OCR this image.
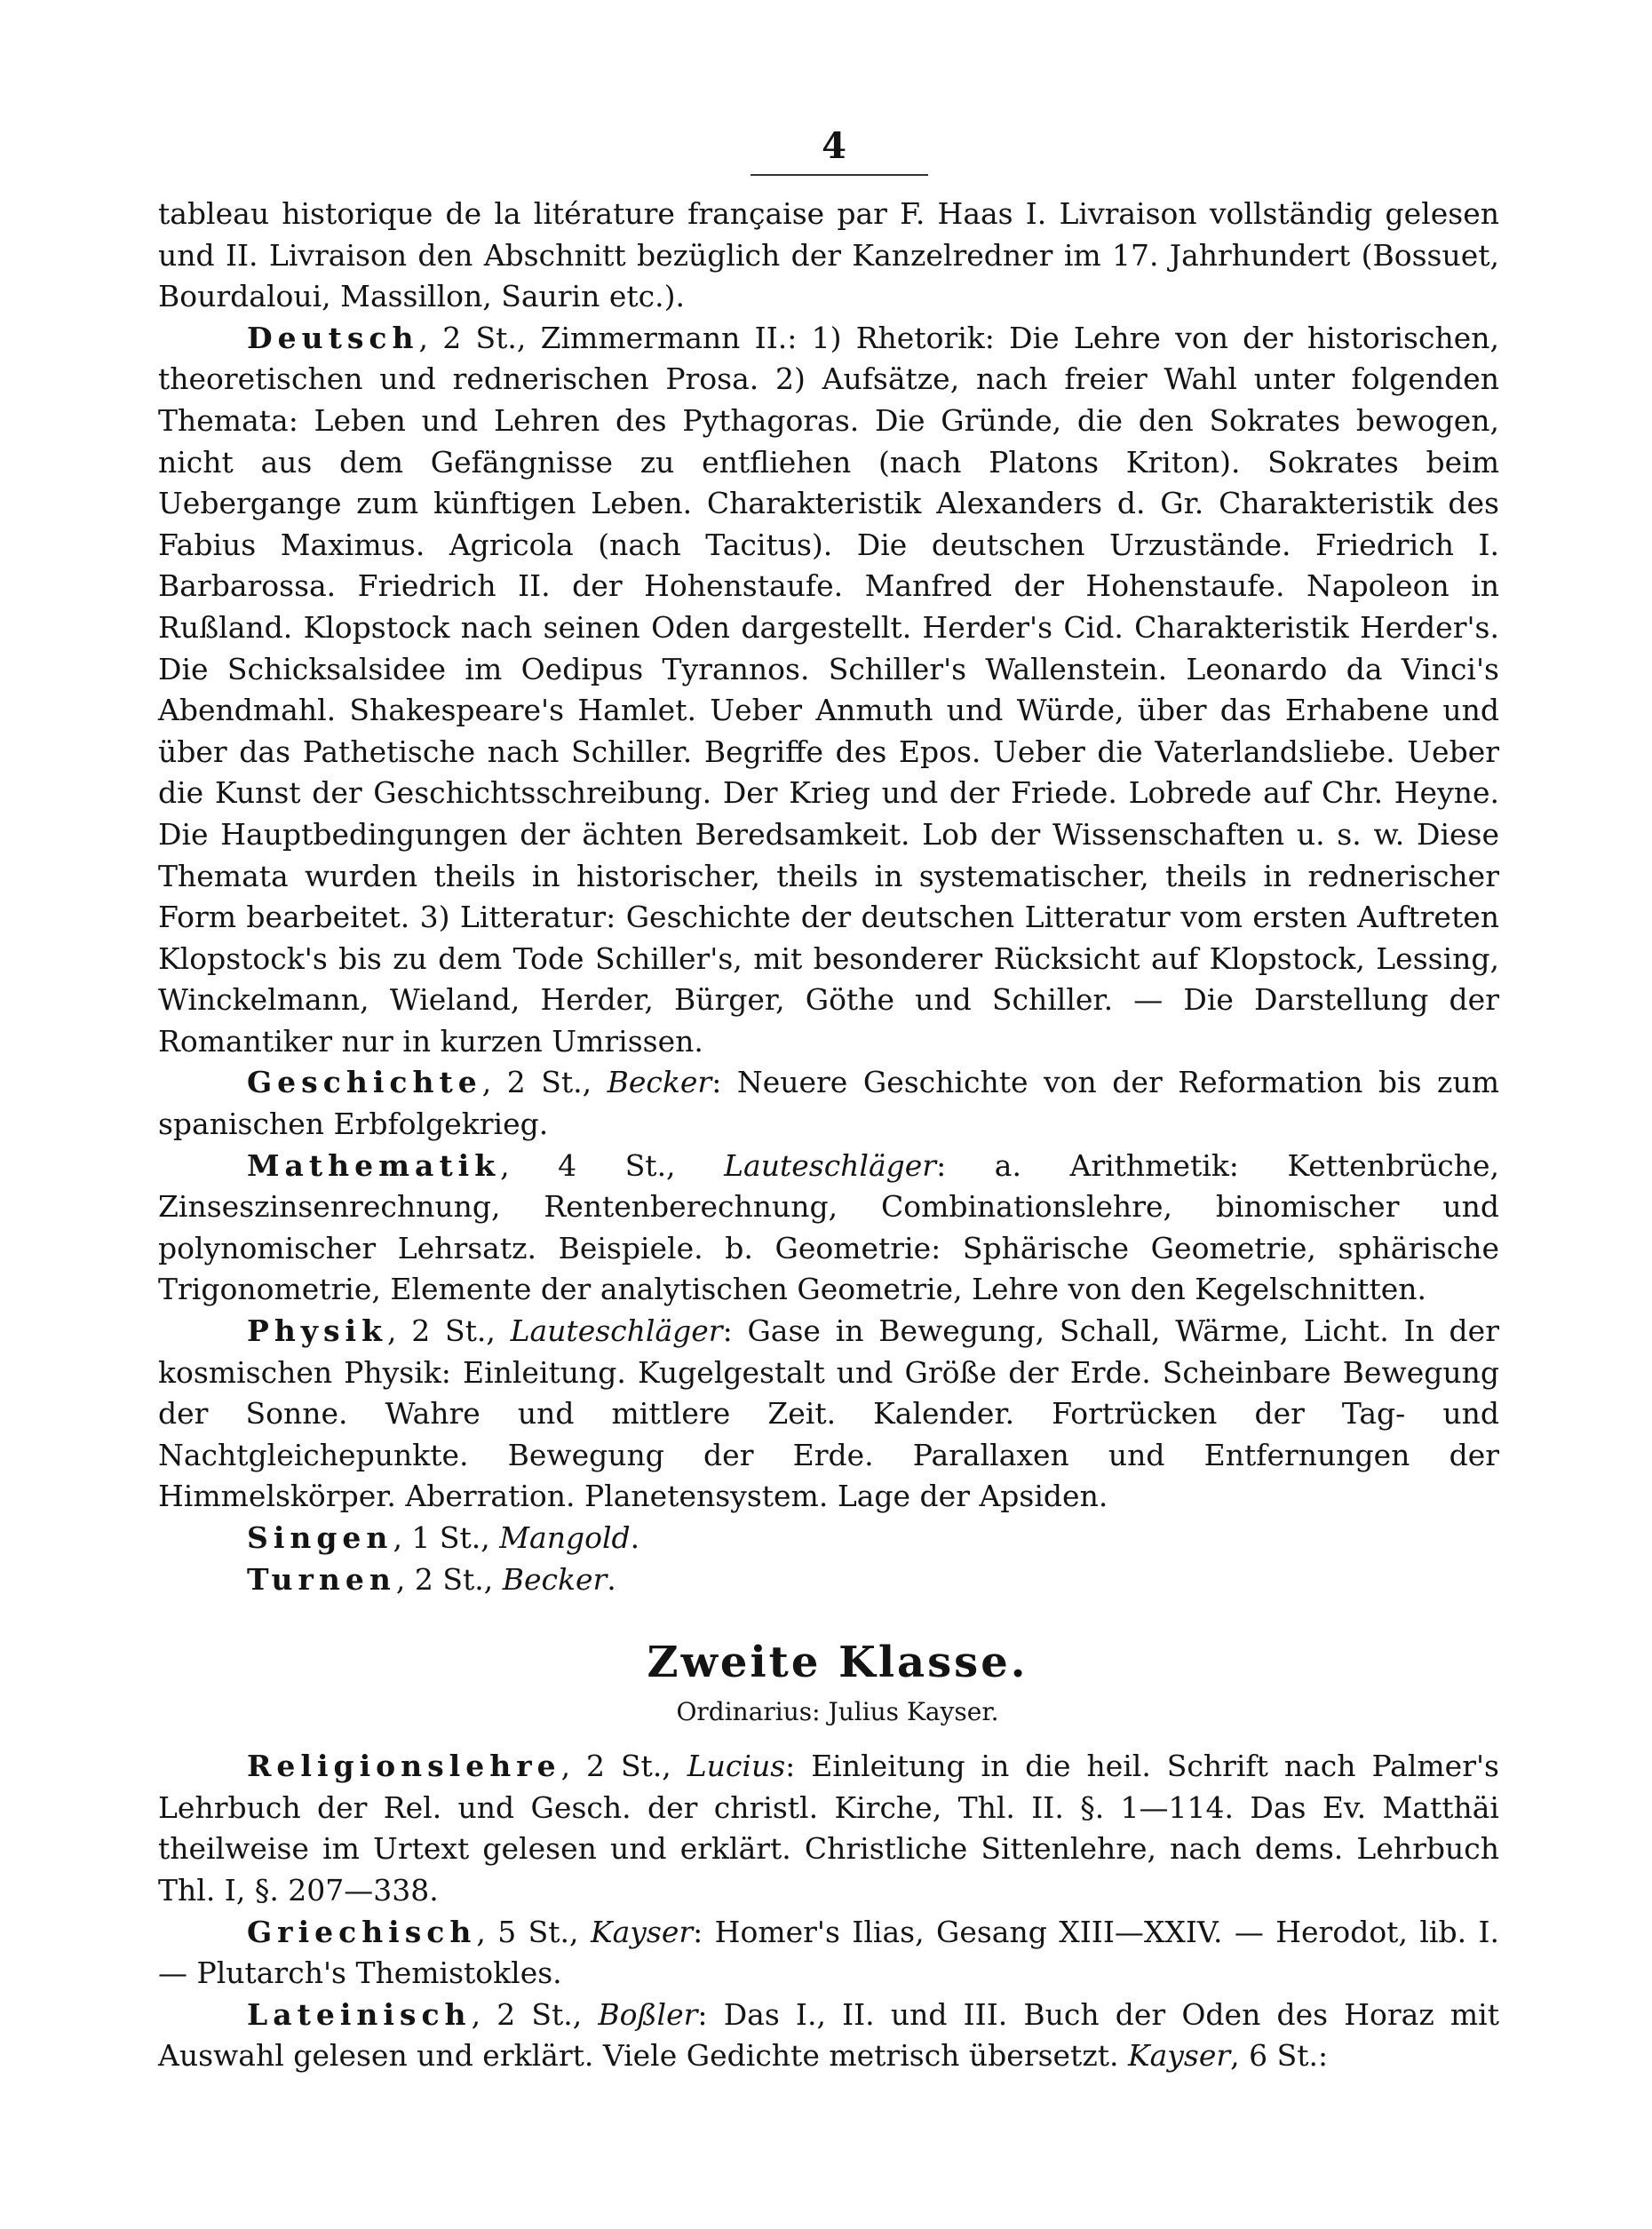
4

tableau historique de la litérature française par F. Haas I. Livraison vollständig gelesen und II. Livraison den Abschnitt bezüglich der Kanzelredner im 17. Jahrhundert (Bossuet, Bourdaloui, Massillon, Saurin etc.).

Deutsch, 2 St., Zimmermann II.: 1) Rhetorik: Die Lehre von der historischen, theoretischen und rednerischen Prosa. 2) Aufsätze, nach freier Wahl unter folgenden Themata: Leben und Lehren des Pythagoras. Die Gründe, die den Sokrates bewogen, nicht aus dem Gefängnisse zu entfliehen (nach Platons Kriton). Sokrates beim Uebergange zum künftigen Leben. Charakteristik Alexanders d. Gr. Charakteristik des Fabius Maximus. Agricola (nach Tacitus). Die deutschen Urzustände. Friedrich I. Barbarossa. Friedrich II. der Hohenstaufe. Manfred der Hohenstaufe. Napoleon in Rußland. Klopstock nach seinen Oden dargestellt. Herder's Cid. Charakteristik Herder's. Die Schicksalsidee im Oedipus Tyrannos. Schiller's Wallenstein. Leonardo da Vinci's Abendmahl. Shakespeare's Hamlet. Ueber Anmuth und Würde, über das Erhabene und über das Pathetische nach Schiller. Begriffe des Epos. Ueber die Vaterlandsliebe. Ueber die Kunst der Geschichtsschreibung. Der Krieg und der Friede. Lobrede auf Chr. Heyne. Die Hauptbedingungen der ächten Beredsamkeit. Lob der Wissenschaften u. s. w. Diese Themata wurden theils in historischer, theils in systematischer, theils in rednerischer Form bearbeitet. 3) Litteratur: Geschichte der deutschen Litteratur vom ersten Auftreten Klopstock's bis zu dem Tode Schiller's, mit besonderer Rücksicht auf Klopstock, Lessing, Winckelmann, Wieland, Herder, Bürger, Göthe und Schiller. — Die Darstellung der Romantiker nur in kurzen Umrissen.

Geschichte, 2 St., Becker: Neuere Geschichte von der Reformation bis zum spanischen Erbfolgekrieg.

Mathematik, 4 St., Lauteschläger: a. Arithmetik: Kettenbrüche, Zinseszinsenrechnung, Rentenberechnung, Combinationslehre, binomischer und polynomischer Lehrsatz. Beispiele. b. Geometrie: Sphärische Geometrie, sphärische Trigonometrie, Elemente der analytischen Geometrie, Lehre von den Kegelschnitten.

Physik, 2 St., Lauteschläger: Gase in Bewegung, Schall, Wärme, Licht. In der kosmischen Physik: Einleitung. Kugelgestalt und Größe der Erde. Scheinbare Bewegung der Sonne. Wahre und mittlere Zeit. Kalender. Fortrücken der Tag- und Nachtgleichepunkte. Bewegung der Erde. Parallaxen und Entfernungen der Himmelskörper. Aberration. Planetensystem. Lage der Apsiden.

Singen, 1 St., Mangold.

Turnen, 2 St., Becker.

Zweite Klasse.
Ordinarius: Julius Kayser.

Religionslehre, 2 St., Lucius: Einleitung in die heil. Schrift nach Palmer's Lehrbuch der Rel. und Gesch. der christl. Kirche, Thl. II. §. 1—114. Das Ev. Matthäi theilweise im Urtext gelesen und erklärt. Christliche Sittenlehre, nach dems. Lehrbuch Thl. I, §. 207—338.

Griechisch, 5 St., Kayser: Homer's Ilias, Gesang XIII—XXIV. — Herodot, lib. I. — Plutarch's Themistokles.

Lateinisch, 2 St., Boßler: Das I., II. und III. Buch der Oden des Horaz mit Auswahl gelesen und erklärt. Viele Gedichte metrisch übersetzt. Kayser, 6 St.:
